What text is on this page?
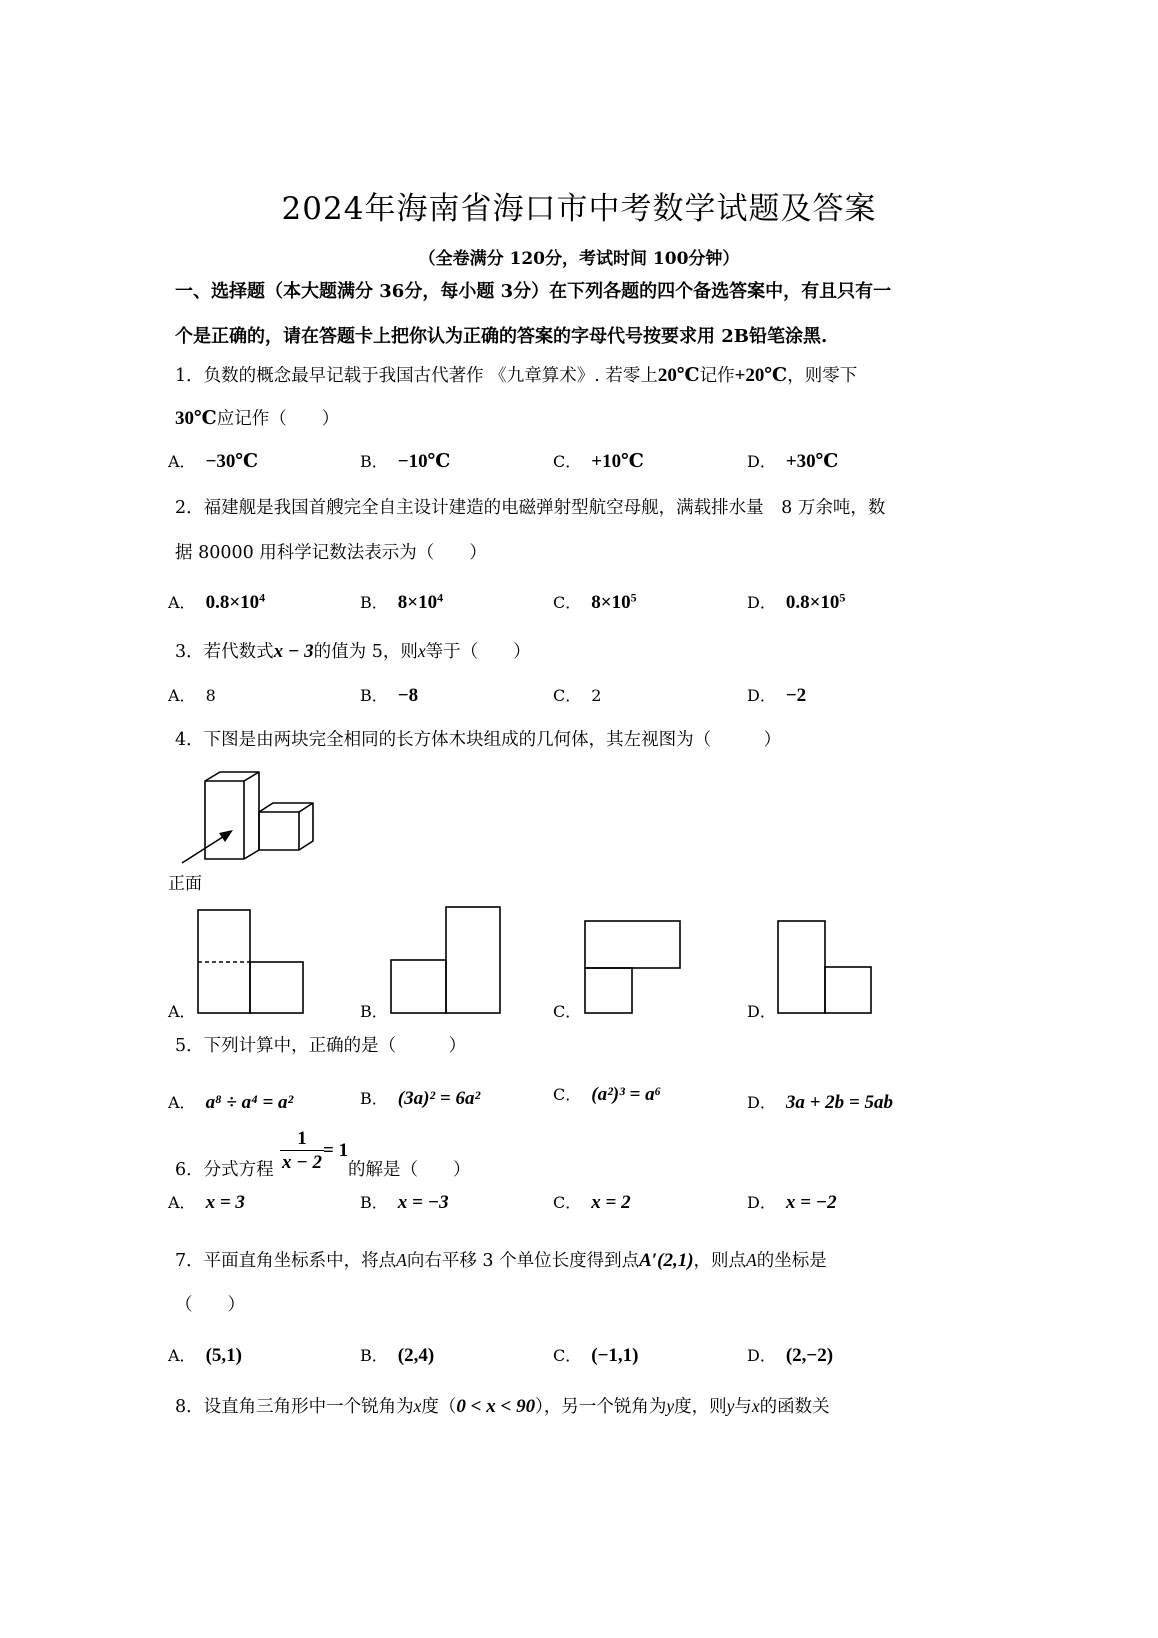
2024年海南省海口市中考数学试题及答案
（全卷满分 120分，考试时间 100分钟）
一、选择题（本大题满分 36分，每小题 3分）在下列各题的四个备选答案中，有且只有一
个是正确的，请在答题卡上把你认为正确的答案的字母代号按要求用 2B铅笔涂黑.
1．负数的概念最早记载于我国古代著作 《九章算术》. 若零上20℃记作+20℃，则零下
30℃应记作（　　）
A． −30℃	B． −10℃	C． +10℃	D． +30℃
2．福建舰是我国首艘完全自主设计建造的电磁弹射型航空母舰，满载排水量　8 万余吨，数
据 80000 用科学记数法表示为（　　）
A． $0.8\times 10^4$	B． $8\times 10^4$	C． $8\times 10^5$	D． $0.8\times 10^5$
3．若代数式x − 3的值为 5，则x等于（　　）
A． 8	B． −8	C． 2	D． −2
4．下图是由两块完全相同的长方体木块组成的几何体，其左视图为（　　　）
正面
A．	B．	C．	D．
5．下列计算中，正确的是（　　　）
A． a⁸ ÷ a⁴ = a²	B． (3a)² = 6a²	C． (a²)³ = a⁶	D． 3a + 2b = 5ab
6．分式方程
1
x − 2
= 1
的解是（　　）
A． x = 3	B． x = −3	C． x = 2	D． x = −2
7．平面直角坐标系中，将点A向右平移 3 个单位长度得到点A′(2,1)，则点A的坐标是
（　　）
A． (5,1)	B． (2,4)	C． (−1,1)	D． (2,−2)
8．设直角三角形中一个锐角为x度（0 < x < 90），另一个锐角为y度，则y与x的函数关
